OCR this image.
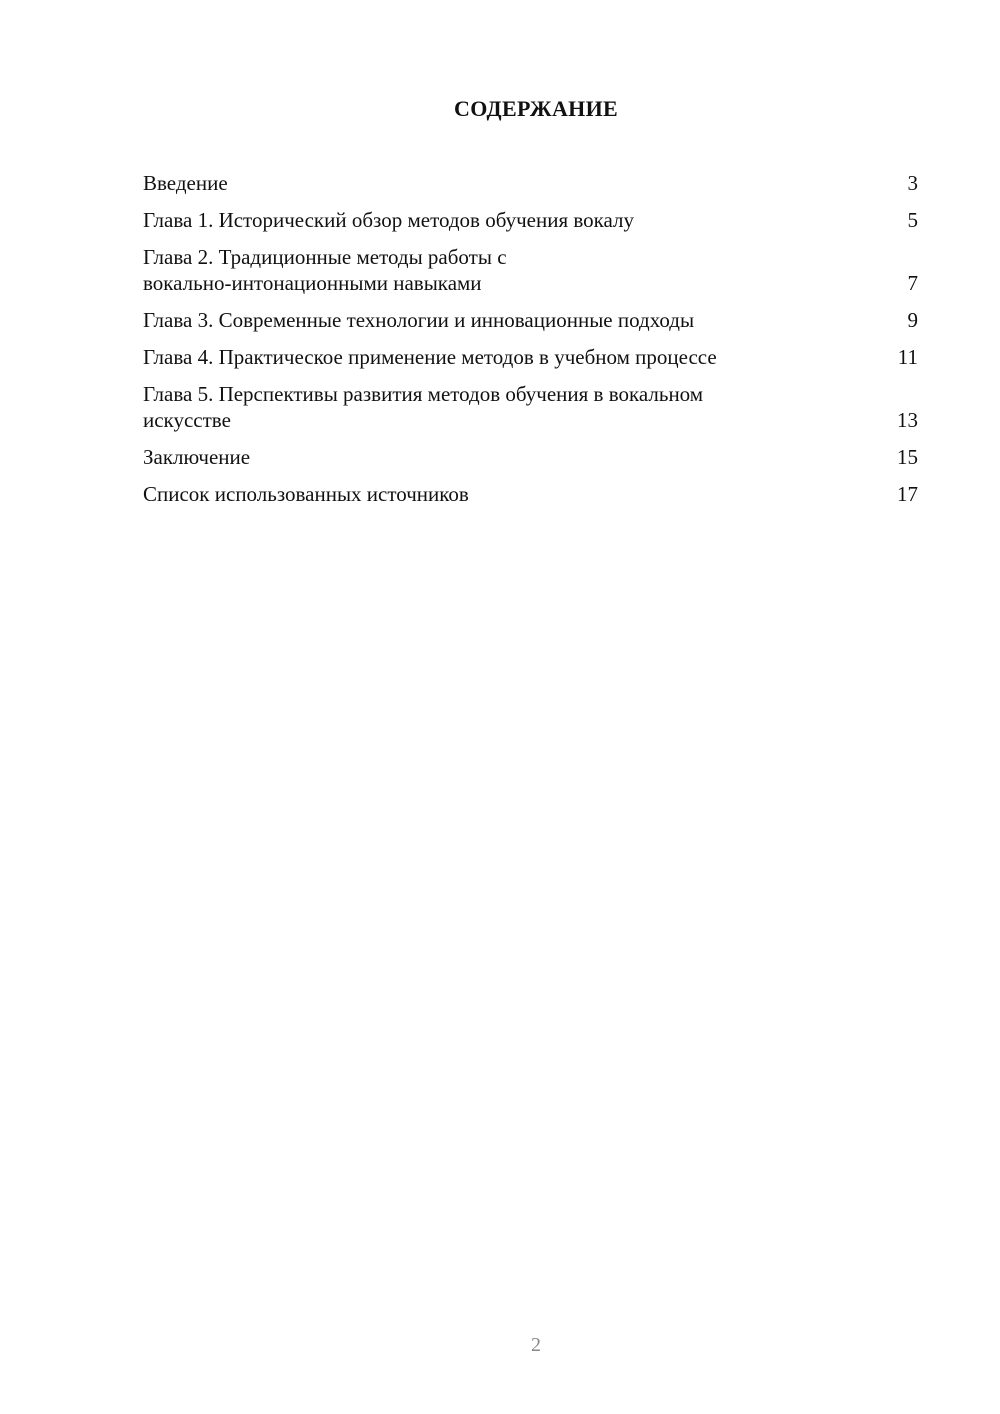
СОДЕРЖАНИЕ
Введение	3
Глава 1. Исторический обзор методов обучения вокалу	5
Глава 2. Традиционные методы работы с
вокально-интонационными навыками	7
Глава 3. Современные технологии и инновационные подходы	9
Глава 4. Практическое применение методов в учебном процессе	11
Глава 5. Перспективы развития методов обучения в вокальном
искусстве	13
Заключение	15
Список использованных источников	17
2
